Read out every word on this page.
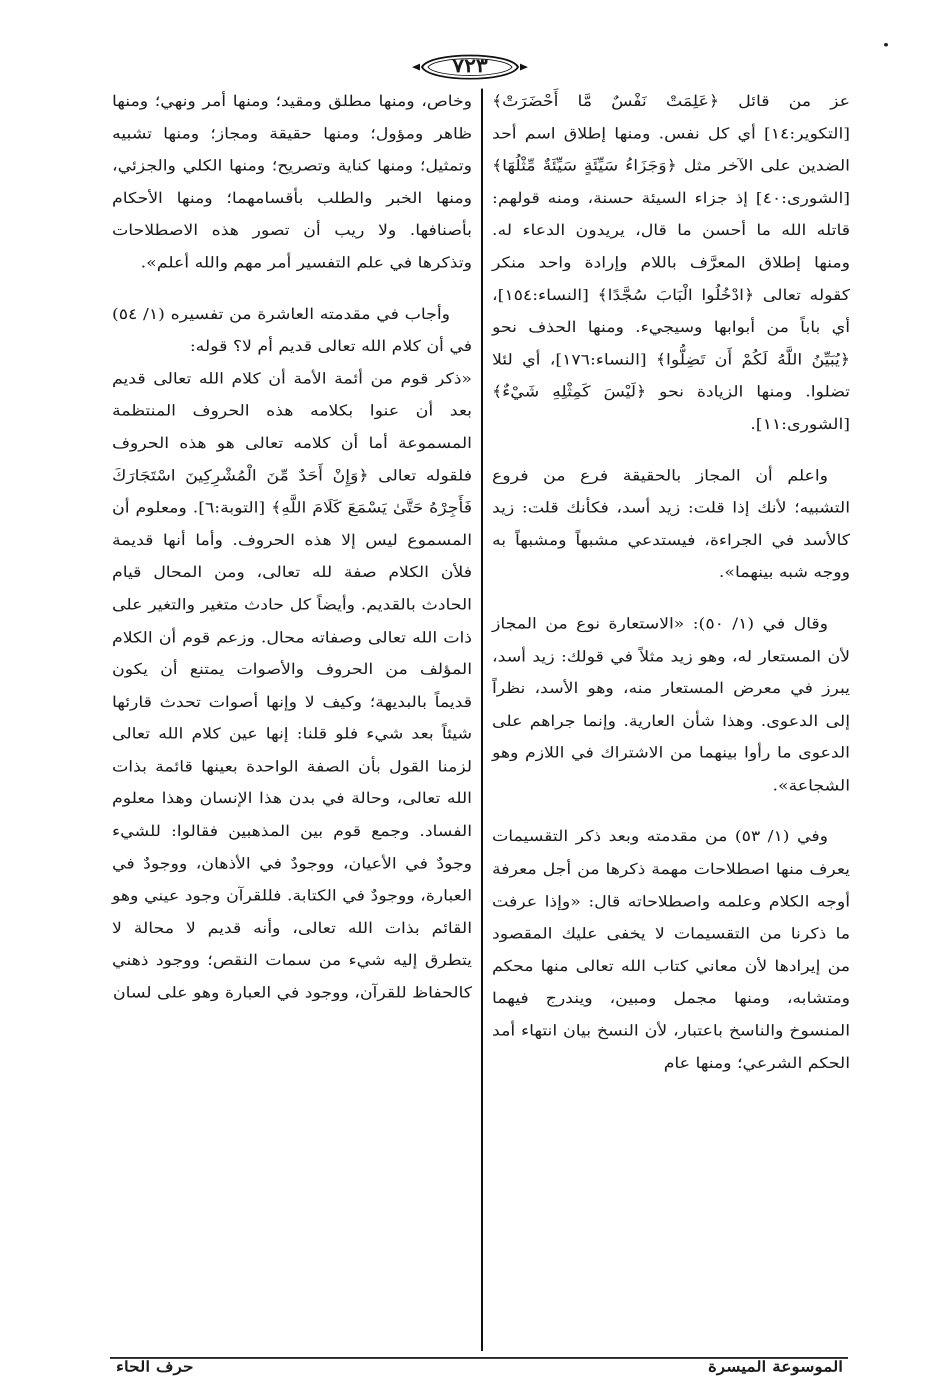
٧٢٣

عز من قائل ﴿عَلِمَتْ نَفْسٌ مَّا أَحْضَرَتْ﴾ [التكوير:١٤] أي كل نفس. ومنها إطلاق اسم أحد الضدين على الآخر مثل ﴿وَجَزَاءُ سَيِّئَةٍ سَيِّئَةٌ مِّثْلُهَا﴾ [الشورى:٤٠] إذ جزاء السيئة حسنة، ومنه قولهم: قاتله الله ما أحسن ما قال، يريدون الدعاء له. ومنها إطلاق المعرَّف باللام وإرادة واحد منكر كقوله تعالى ﴿ادْخُلُوا الْبَابَ سُجَّدًا﴾ [النساء:١٥٤]، أي باباً من أبوابها وسيجيء. ومنها الحذف نحو ﴿يُبَيِّنُ اللَّهُ لَكُمْ أَن تَضِلُّوا﴾ [النساء:١٧٦]، أي لئلا تضلوا. ومنها الزيادة نحو ﴿لَيْسَ كَمِثْلِهِ شَيْءٌ﴾ [الشورى:١١].

واعلم أن المجاز بالحقيقة فرع من فروع التشبيه؛ لأنك إذا قلت: زيد أسد، فكأنك قلت: زيد كالأسد في الجراءة، فيستدعي مشبهاً ومشبهاً به ووجه شبه بينهما».

وقال في (١/ ٥٠): «الاستعارة نوع من المجاز لأن المستعار له، وهو زيد مثلاً في قولك: زيد أسد، يبرز في معرض المستعار منه، وهو الأسد، نظراً إلى الدعوى. وهذا شأن العارية. وإنما جراهم على الدعوى ما رأوا بينهما من الاشتراك في اللازم وهو الشجاعة».

وفي (١/ ٥٣) من مقدمته وبعد ذكر التقسيمات يعرف منها اصطلاحات مهمة ذكرها من أجل معرفة أوجه الكلام وعلمه واصطلاحاته قال: «وإذا عرفت ما ذكرنا من التقسيمات لا يخفى عليك المقصود من إيرادها لأن معاني كتاب الله تعالى منها محكم ومتشابه، ومنها مجمل ومبين، ويندرج فيهما المنسوخ والناسخ باعتبار، لأن النسخ بيان انتهاء أمد الحكم الشرعي؛ ومنها عام

وخاص، ومنها مطلق ومقيد؛ ومنها أمر ونهي؛ ومنها ظاهر ومؤول؛ ومنها حقيقة ومجاز؛ ومنها تشبيه وتمثيل؛ ومنها كناية وتصريح؛ ومنها الكلي والجزئي، ومنها الخبر والطلب بأقسامهما؛ ومنها الأحكام بأصنافها. ولا ريب أن تصور هذه الاصطلاحات وتذكرها في علم التفسير أمر مهم والله أعلم».

وأجاب في مقدمته العاشرة من تفسيره (١/ ٥٤) في أن كلام الله تعالى قديم أم لا؟ قوله:

«ذكر قوم من أئمة الأمة أن كلام الله تعالى قديم بعد أن عنوا بكلامه هذه الحروف المنتظمة المسموعة أما أن كلامه تعالى هو هذه الحروف فلقوله تعالى ﴿وَإِنْ أَحَدٌ مِّنَ الْمُشْرِكِينَ اسْتَجَارَكَ فَأَجِرْهُ حَتَّىٰ يَسْمَعَ كَلَامَ اللَّهِ﴾ [التوبة:٦]. ومعلوم أن المسموع ليس إلا هذه الحروف. وأما أنها قديمة فلأن الكلام صفة لله تعالى، ومن المحال قيام الحادث بالقديم. وأيضاً كل حادث متغير والتغير على ذات الله تعالى وصفاته محال. وزعم قوم أن الكلام المؤلف من الحروف والأصوات يمتنع أن يكون قديماً بالبديهة؛ وكيف لا وإنها أصوات تحدث قارئها شيئاً بعد شيء فلو قلنا: إنها عين كلام الله تعالى لزمنا القول بأن الصفة الواحدة بعينها قائمة بذات الله تعالى، وحالة في بدن هذا الإنسان وهذا معلوم الفساد. وجمع قوم بين المذهبين فقالوا: للشيء وجودٌ في الأعيان، ووجودٌ في الأذهان، ووجودٌ في العبارة، ووجودٌ في الكتابة. فللقرآن وجود عيني وهو القائم بذات الله تعالى، وأنه قديم لا محالة لا يتطرق إليه شيء من سمات النقص؛ ووجود ذهني كالحفاظ للقرآن، ووجود في العبارة وهو على لسان

الموسوعة الميسرة
حرف الحاء
